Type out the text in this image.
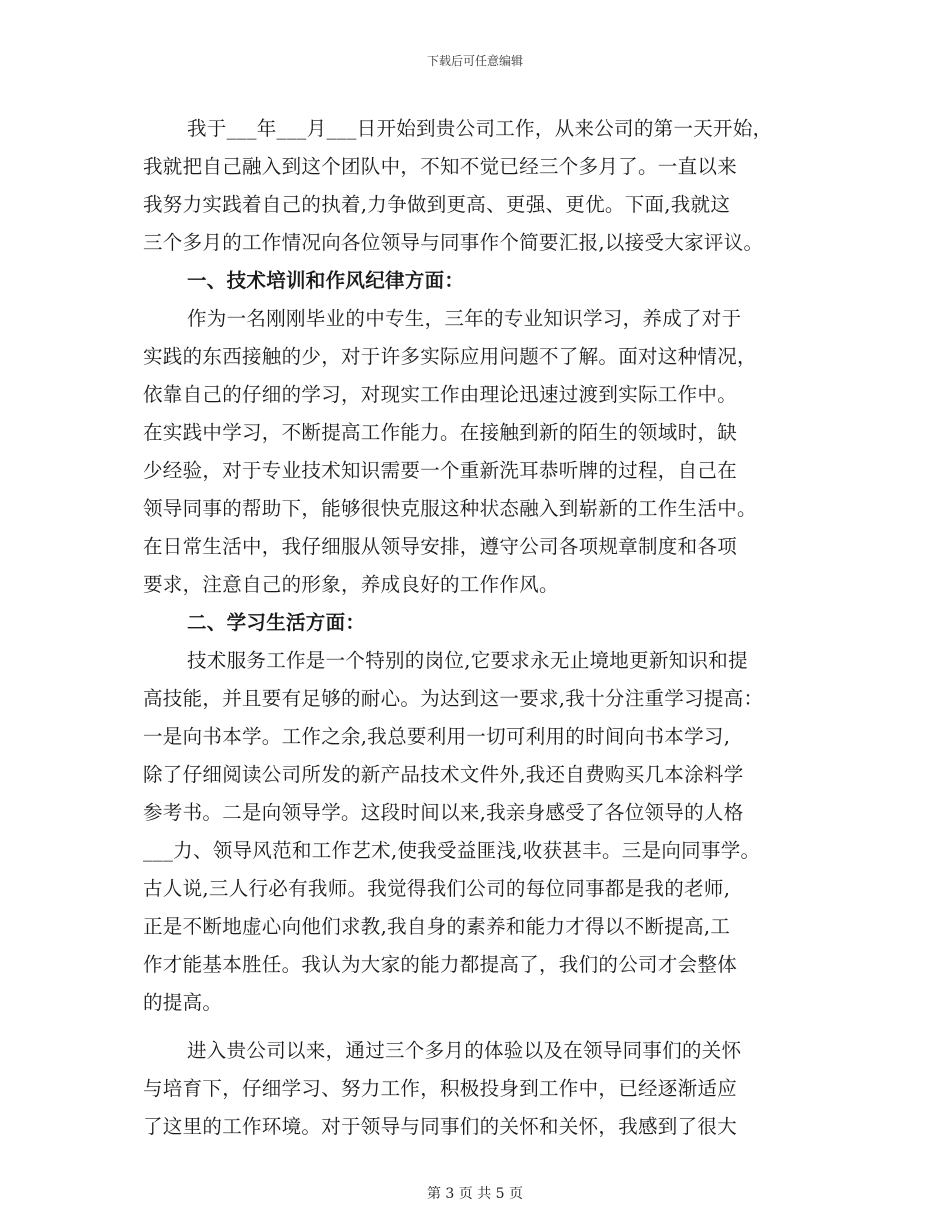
下载后可任意编辑
我于___年___月___日开始到贵公司工作，从来公司的第一天开始，
我就把自己融入到这个团队中，不知不觉已经三个多月了。一直以来
我努力实践着自己的执着,力争做到更高、更强、更优。下面,我就这
三个多月的工作情况向各位领导与同事作个简要汇报,以接受大家评议。
一、技术培训和作风纪律方面：
作为一名刚刚毕业的中专生，三年的专业知识学习，养成了对于
实践的东西接触的少，对于许多实际应用问题不了解。面对这种情况，
依靠自己的仔细的学习，对现实工作由理论迅速过渡到实际工作中。
在实践中学习，不断提高工作能力。在接触到新的陌生的领域时，缺
少经验，对于专业技术知识需要一个重新洗耳恭听牌的过程，自己在
领导同事的帮助下，能够很快克服这种状态融入到崭新的工作生活中。
在日常生活中，我仔细服从领导安排，遵守公司各项规章制度和各项
要求，注意自己的形象，养成良好的工作作风。
二、学习生活方面：
技术服务工作是一个特别的岗位,它要求永无止境地更新知识和提
高技能，并且要有足够的耐心。为达到这一要求,我十分注重学习提高：
一是向书本学。工作之余,我总要利用一切可利用的时间向书本学习,
除了仔细阅读公司所发的新产品技术文件外,我还自费购买几本涂料学
参考书。二是向领导学。这段时间以来,我亲身感受了各位领导的人格
___力、领导风范和工作艺术,使我受益匪浅,收获甚丰。三是向同事学。
古人说,三人行必有我师。我觉得我们公司的每位同事都是我的老师,
正是不断地虚心向他们求教,我自身的素养和能力才得以不断提高,工
作才能基本胜任。我认为大家的能力都提高了，我们的公司才会整体
的提高。
进入贵公司以来，通过三个多月的体验以及在领导同事们的关怀
与培育下，仔细学习、努力工作，积极投身到工作中，已经逐渐适应
了这里的工作环境。对于领导与同事们的关怀和关怀，我感到了很大
第 3 页 共 5 页
